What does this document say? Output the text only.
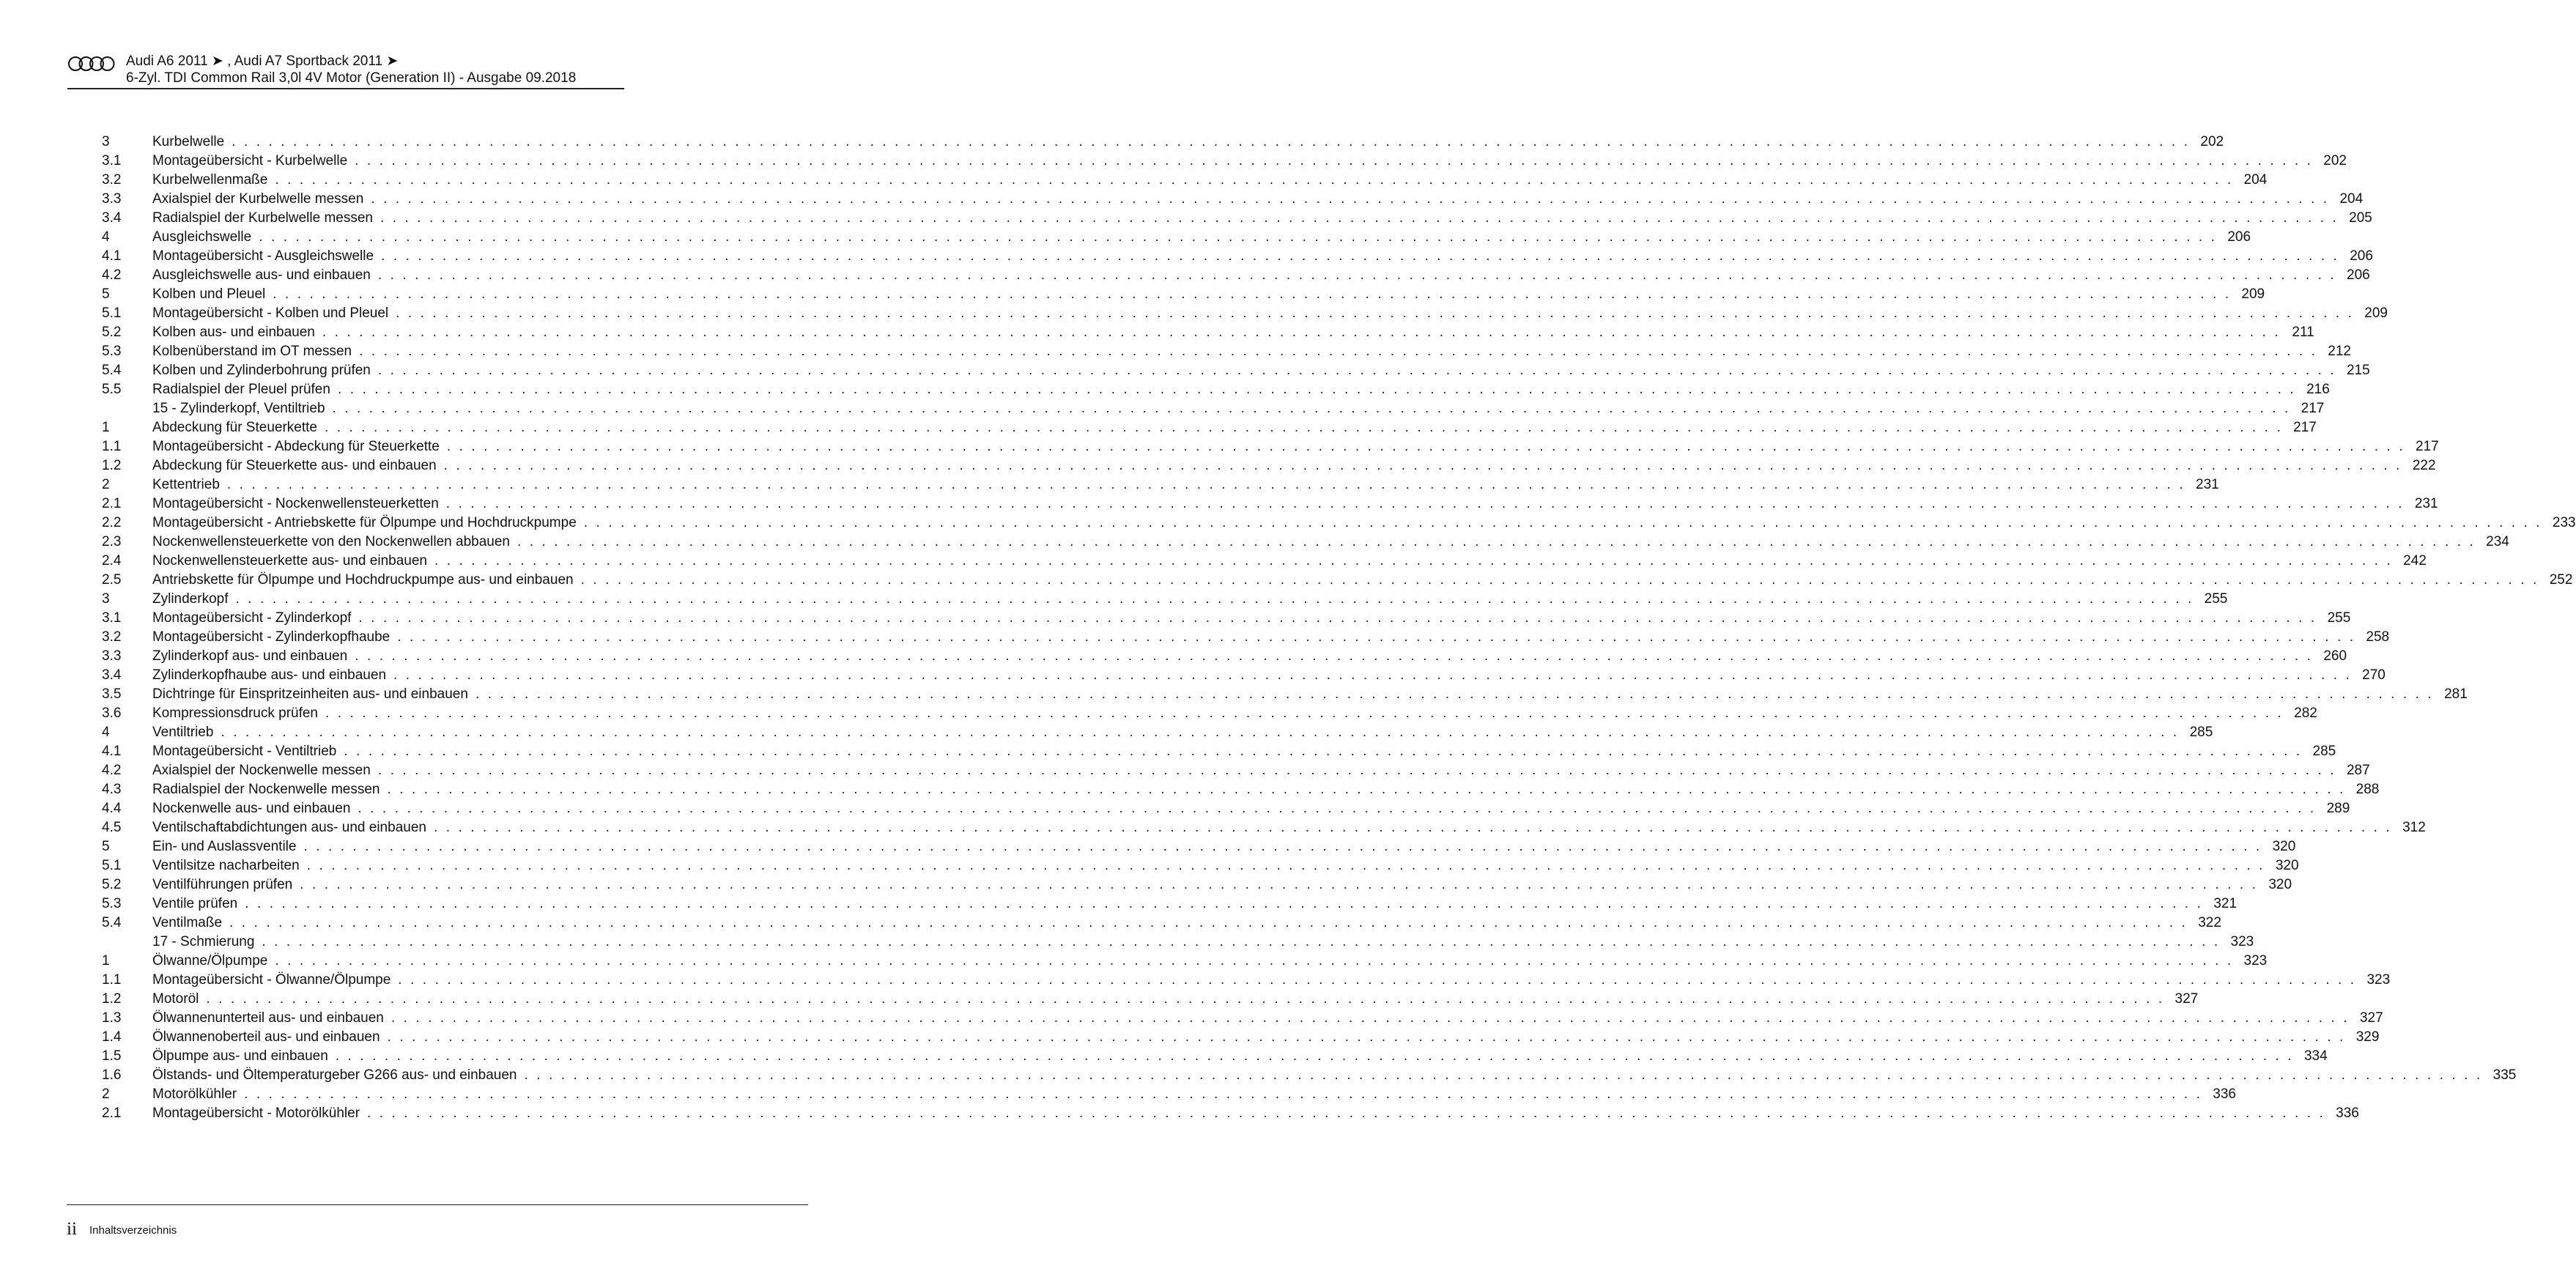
Audi A6 2011 ➤ , Audi A7 Sportback 2011 ➤
6-Zyl. TDI Common Rail 3,0l 4V Motor (Generation II) - Ausgabe 09.2018
3	Kurbelwelle . . . . . . . . . . . . . . . . . . . . . . . . . . . . . . . . . . . . . . . . . . . . . . . . . . . . . . . . . . . . . . . . . . . . . . . . . . . . . . . . . . . . . . . . . . . . . . . . . . . . . . . . . . . . . . . . . . . . . . . . . . . . . . . . . . . . . . . . . . . . . . . . . . . . . . . . . . . . . . . . 202
3.1 Montageübersicht - Kurbelwelle . . . . . . . . . . . . . . . . . . . . . . . . . . . . . . . . . . . . . . . . . . . . . . . . . . . . . . . . . . . . . . . . . . . . . . . . . . . . . . . . . . . . . . . . . . . . . . . . . . . . . . . . . . . . . . . . . . . . . . . . . . . . . . . . . . . . . . . . . . . . . . . . . . . . . . . . . . . . . . . . 202
3.2 Kurbelwellenmaße . . . . . . . . . . . . . . . . . . . . . . . . . . . . . . . . . . . . . . . . . . . . . . . . . . . . . . . . . . . . . . . . . . . . . . . . . . . . . . . . . . . . . . . . . . . . . . . . . . . . . . . . . . . . . . . . . . . . . . . . . . . . . . . . . . . . . . . . . . . . . . . . . . . . . . . . . . . . . . . . 204
3.3 Axialspiel der Kurbelwelle messen . . . . . . . . . . . . . . . . . . . . . . . . . . . . . . . . . . . . . . . . . . . . . . . . . . . . . . . . . . . . . . . . . . . . . . . . . . . . . . . . . . . . . . . . . . . . . . . . . . . . . . . . . . . . . . . . . . . . . . . . . . . . . . . . . . . . . . . . . . . . . . . . . . . . . . . . . . . . . . . . 204
3.4 Radialspiel der Kurbelwelle messen . . . . . . . . . . . . . . . . . . . . . . . . . . . . . . . . . . . . . . . . . . . . . . . . . . . . . . . . . . . . . . . . . . . . . . . . . . . . . . . . . . . . . . . . . . . . . . . . . . . . . . . . . . . . . . . . . . . . . . . . . . . . . . . . . . . . . . . . . . . . . . . . . . . . . . . . . . . . . . . . 205
4	Ausgleichswelle . . . . . . . . . . . . . . . . . . . . . . . . . . . . . . . . . . . . . . . . . . . . . . . . . . . . . . . . . . . . . . . . . . . . . . . . . . . . . . . . . . . . . . . . . . . . . . . . . . . . . . . . . . . . . . . . . . . . . . . . . . . . . . . . . . . . . . . . . . . . . . . . . . . . . . . . . . . . . . . . 206
4.1 Montageübersicht - Ausgleichswelle . . . . . . . . . . . . . . . . . . . . . . . . . . . . . . . . . . . . . . . . . . . . . . . . . . . . . . . . . . . . . . . . . . . . . . . . . . . . . . . . . . . . . . . . . . . . . . . . . . . . . . . . . . . . . . . . . . . . . . . . . . . . . . . . . . . . . . . . . . . . . . . . . . . . . . . . . . . . . . . . 206
4.2 Ausgleichswelle aus- und einbauen . . . . . . . . . . . . . . . . . . . . . . . . . . . . . . . . . . . . . . . . . . . . . . . . . . . . . . . . . . . . . . . . . . . . . . . . . . . . . . . . . . . . . . . . . . . . . . . . . . . . . . . . . . . . . . . . . . . . . . . . . . . . . . . . . . . . . . . . . . . . . . . . . . . . . . . . . . . . . . . . 206
5	Kolben und Pleuel . . . . . . . . . . . . . . . . . . . . . . . . . . . . . . . . . . . . . . . . . . . . . . . . . . . . . . . . . . . . . . . . . . . . . . . . . . . . . . . . . . . . . . . . . . . . . . . . . . . . . . . . . . . . . . . . . . . . . . . . . . . . . . . . . . . . . . . . . . . . . . . . . . . . . . . . . . . . . . . . 209
5.1 Montageübersicht - Kolben und Pleuel . . . . . . . . . . . . . . . . . . . . . . . . . . . . . . . . . . . . . . . . . . . . . . . . . . . . . . . . . . . . . . . . . . . . . . . . . . . . . . . . . . . . . . . . . . . . . . . . . . . . . . . . . . . . . . . . . . . . . . . . . . . . . . . . . . . . . . . . . . . . . . . . . . . . . . . . . . . . . . . . 209
5.2 Kolben aus- und einbauen . . . . . . . . . . . . . . . . . . . . . . . . . . . . . . . . . . . . . . . . . . . . . . . . . . . . . . . . . . . . . . . . . . . . . . . . . . . . . . . . . . . . . . . . . . . . . . . . . . . . . . . . . . . . . . . . . . . . . . . . . . . . . . . . . . . . . . . . . . . . . . . . . . . . . . . . . . . . . . . . 211
5.3 Kolbenüberstand im OT messen . . . . . . . . . . . . . . . . . . . . . . . . . . . . . . . . . . . . . . . . . . . . . . . . . . . . . . . . . . . . . . . . . . . . . . . . . . . . . . . . . . . . . . . . . . . . . . . . . . . . . . . . . . . . . . . . . . . . . . . . . . . . . . . . . . . . . . . . . . . . . . . . . . . . . . . . . . . . . . . . 212
5.4 Kolben und Zylinderbohrung prüfen . . . . . . . . . . . . . . . . . . . . . . . . . . . . . . . . . . . . . . . . . . . . . . . . . . . . . . . . . . . . . . . . . . . . . . . . . . . . . . . . . . . . . . . . . . . . . . . . . . . . . . . . . . . . . . . . . . . . . . . . . . . . . . . . . . . . . . . . . . . . . . . . . . . . . . . . . . . . . . . . 215
5.5 Radialspiel der Pleuel prüfen . . . . . . . . . . . . . . . . . . . . . . . . . . . . . . . . . . . . . . . . . . . . . . . . . . . . . . . . . . . . . . . . . . . . . . . . . . . . . . . . . . . . . . . . . . . . . . . . . . . . . . . . . . . . . . . . . . . . . . . . . . . . . . . . . . . . . . . . . . . . . . . . . . . . . . . . . . . . . . . . 216
15 - Zylinderkopf, Ventiltrieb . . . . . . . . . . . . . . . . . . . . . . . . . . . . . . . . . . . . . . . . . . . . . . . . . . . . . . . . . . . . . . . . . . . . . . . . . . . . . . . . . . . . . . . . . . . . . . . . . . . . . . . . . . . . . . . . . . . . . . . . . . . . . . . . . . . . . . . . . . . . . . . . . . . . . . . . . . . . . . . . 217
1	Abdeckung für Steuerkette . . . . . . . . . . . . . . . . . . . . . . . . . . . . . . . . . . . . . . . . . . . . . . . . . . . . . . . . . . . . . . . . . . . . . . . . . . . . . . . . . . . . . . . . . . . . . . . . . . . . . . . . . . . . . . . . . . . . . . . . . . . . . . . . . . . . . . . . . . . . . . . . . . . . . . . . . . . . . . . . 217
1.1 Montageübersicht - Abdeckung für Steuerkette . . . . . . . . . . . . . . . . . . . . . . . . . . . . . . . . . . . . . . . . . . . . . . . . . . . . . . . . . . . . . . . . . . . . . . . . . . . . . . . . . . . . . . . . . . . . . . . . . . . . . . . . . . . . . . . . . . . . . . . . . . . . . . . . . . . . . . . . . . . . . . . . . . . . . . . . . . . . . . . . 217
1.2 Abdeckung für Steuerkette aus- und einbauen . . . . . . . . . . . . . . . . . . . . . . . . . . . . . . . . . . . . . . . . . . . . . . . . . . . . . . . . . . . . . . . . . . . . . . . . . . . . . . . . . . . . . . . . . . . . . . . . . . . . . . . . . . . . . . . . . . . . . . . . . . . . . . . . . . . . . . . . . . . . . . . . . . . . . . . . . . . . . . . . 222
2	Kettentrieb . . . . . . . . . . . . . . . . . . . . . . . . . . . . . . . . . . . . . . . . . . . . . . . . . . . . . . . . . . . . . . . . . . . . . . . . . . . . . . . . . . . . . . . . . . . . . . . . . . . . . . . . . . . . . . . . . . . . . . . . . . . . . . . . . . . . . . . . . . . . . . . . . . . . . . . . . . . . . . . . 231
2.1 Montageübersicht - Nockenwellensteuerketten . . . . . . . . . . . . . . . . . . . . . . . . . . . . . . . . . . . . . . . . . . . . . . . . . . . . . . . . . . . . . . . . . . . . . . . . . . . . . . . . . . . . . . . . . . . . . . . . . . . . . . . . . . . . . . . . . . . . . . . . . . . . . . . . . . . . . . . . . . . . . . . . . . . . . . . . . . . . . . . . 231
2.2 Montageübersicht - Antriebskette für Ölpumpe und Hochdruckpumpe . . . . . . . . . . . . . . . . . . . . . . . . . . . . . . . . . . . . . . . . . . . . . . . . . . . . . . . . . . . . . . . . . . . . . . . . . . . . . . . . . . . . . . . . . . . . . . . . . . . . . . . . . . . . . . . . . . . . . . . . . . . . . . . . . . . . . . . . . . . . . . . . . . . . . . . . . . . . . . . . 233
2.3 Nockenwellensteuerkette von den Nockenwellen abbauen . . . . . . . . . . . . . . . . . . . . . . . . . . . . . . . . . . . . . . . . . . . . . . . . . . . . . . . . . . . . . . . . . . . . . . . . . . . . . . . . . . . . . . . . . . . . . . . . . . . . . . . . . . . . . . . . . . . . . . . . . . . . . . . . . . . . . . . . . . . . . . . . . . . . . . . . . . . . . . . . 234
2.4 Nockenwellensteuerkette aus- und einbauen . . . . . . . . . . . . . . . . . . . . . . . . . . . . . . . . . . . . . . . . . . . . . . . . . . . . . . . . . . . . . . . . . . . . . . . . . . . . . . . . . . . . . . . . . . . . . . . . . . . . . . . . . . . . . . . . . . . . . . . . . . . . . . . . . . . . . . . . . . . . . . . . . . . . . . . . . . . . . . . . 242
2.5 Antriebskette für Ölpumpe und Hochdruckpumpe aus- und einbauen . . . . . . . . . . . . . . . . . . . . . . . . . . . . . . . . . . . . . . . . . . . . . . . . . . . . . . . . . . . . . . . . . . . . . . . . . . . . . . . . . . . . . . . . . . . . . . . . . . . . . . . . . . . . . . . . . . . . . . . . . . . . . . . . . . . . . . . . . . . . . . . . . . . . . . . . . . . . . . . . 252
3	Zylinderkopf . . . . . . . . . . . . . . . . . . . . . . . . . . . . . . . . . . . . . . . . . . . . . . . . . . . . . . . . . . . . . . . . . . . . . . . . . . . . . . . . . . . . . . . . . . . . . . . . . . . . . . . . . . . . . . . . . . . . . . . . . . . . . . . . . . . . . . . . . . . . . . . . . . . . . . . . . . . . . . . . 255
3.1 Montageübersicht - Zylinderkopf . . . . . . . . . . . . . . . . . . . . . . . . . . . . . . . . . . . . . . . . . . . . . . . . . . . . . . . . . . . . . . . . . . . . . . . . . . . . . . . . . . . . . . . . . . . . . . . . . . . . . . . . . . . . . . . . . . . . . . . . . . . . . . . . . . . . . . . . . . . . . . . . . . . . . . . . . . . . . . . . 255
3.2 Montageübersicht - Zylinderkopfhaube . . . . . . . . . . . . . . . . . . . . . . . . . . . . . . . . . . . . . . . . . . . . . . . . . . . . . . . . . . . . . . . . . . . . . . . . . . . . . . . . . . . . . . . . . . . . . . . . . . . . . . . . . . . . . . . . . . . . . . . . . . . . . . . . . . . . . . . . . . . . . . . . . . . . . . . . . . . . . . . . 258
3.3 Zylinderkopf aus- und einbauen . . . . . . . . . . . . . . . . . . . . . . . . . . . . . . . . . . . . . . . . . . . . . . . . . . . . . . . . . . . . . . . . . . . . . . . . . . . . . . . . . . . . . . . . . . . . . . . . . . . . . . . . . . . . . . . . . . . . . . . . . . . . . . . . . . . . . . . . . . . . . . . . . . . . . . . . . . . . . . . . 260
3.4 Zylinderkopfhaube aus- und einbauen . . . . . . . . . . . . . . . . . . . . . . . . . . . . . . . . . . . . . . . . . . . . . . . . . . . . . . . . . . . . . . . . . . . . . . . . . . . . . . . . . . . . . . . . . . . . . . . . . . . . . . . . . . . . . . . . . . . . . . . . . . . . . . . . . . . . . . . . . . . . . . . . . . . . . . . . . . . . . . . . 270
3.5 Dichtringe für Einspritzeinheiten aus- und einbauen . . . . . . . . . . . . . . . . . . . . . . . . . . . . . . . . . . . . . . . . . . . . . . . . . . . . . . . . . . . . . . . . . . . . . . . . . . . . . . . . . . . . . . . . . . . . . . . . . . . . . . . . . . . . . . . . . . . . . . . . . . . . . . . . . . . . . . . . . . . . . . . . . . . . . . . . . . . . . . . . 281
3.6 Kompressionsdruck prüfen . . . . . . . . . . . . . . . . . . . . . . . . . . . . . . . . . . . . . . . . . . . . . . . . . . . . . . . . . . . . . . . . . . . . . . . . . . . . . . . . . . . . . . . . . . . . . . . . . . . . . . . . . . . . . . . . . . . . . . . . . . . . . . . . . . . . . . . . . . . . . . . . . . . . . . . . . . . . . . . . 282
4	Ventiltrieb . . . . . . . . . . . . . . . . . . . . . . . . . . . . . . . . . . . . . . . . . . . . . . . . . . . . . . . . . . . . . . . . . . . . . . . . . . . . . . . . . . . . . . . . . . . . . . . . . . . . . . . . . . . . . . . . . . . . . . . . . . . . . . . . . . . . . . . . . . . . . . . . . . . . . . . . . . . . . . . . 285
4.1 Montageübersicht - Ventiltrieb . . . . . . . . . . . . . . . . . . . . . . . . . . . . . . . . . . . . . . . . . . . . . . . . . . . . . . . . . . . . . . . . . . . . . . . . . . . . . . . . . . . . . . . . . . . . . . . . . . . . . . . . . . . . . . . . . . . . . . . . . . . . . . . . . . . . . . . . . . . . . . . . . . . . . . . . . . . . . . . . 285
4.2 Axialspiel der Nockenwelle messen . . . . . . . . . . . . . . . . . . . . . . . . . . . . . . . . . . . . . . . . . . . . . . . . . . . . . . . . . . . . . . . . . . . . . . . . . . . . . . . . . . . . . . . . . . . . . . . . . . . . . . . . . . . . . . . . . . . . . . . . . . . . . . . . . . . . . . . . . . . . . . . . . . . . . . . . . . . . . . . . 287
4.3 Radialspiel der Nockenwelle messen . . . . . . . . . . . . . . . . . . . . . . . . . . . . . . . . . . . . . . . . . . . . . . . . . . . . . . . . . . . . . . . . . . . . . . . . . . . . . . . . . . . . . . . . . . . . . . . . . . . . . . . . . . . . . . . . . . . . . . . . . . . . . . . . . . . . . . . . . . . . . . . . . . . . . . . . . . . . . . . . 288
4.4 Nockenwelle aus- und einbauen . . . . . . . . . . . . . . . . . . . . . . . . . . . . . . . . . . . . . . . . . . . . . . . . . . . . . . . . . . . . . . . . . . . . . . . . . . . . . . . . . . . . . . . . . . . . . . . . . . . . . . . . . . . . . . . . . . . . . . . . . . . . . . . . . . . . . . . . . . . . . . . . . . . . . . . . . . . . . . . . 289
4.5 Ventilschaftabdichtungen aus- und einbauen . . . . . . . . . . . . . . . . . . . . . . . . . . . . . . . . . . . . . . . . . . . . . . . . . . . . . . . . . . . . . . . . . . . . . . . . . . . . . . . . . . . . . . . . . . . . . . . . . . . . . . . . . . . . . . . . . . . . . . . . . . . . . . . . . . . . . . . . . . . . . . . . . . . . . . . . . . . . . . . . 312
5	Ein- und Auslassventile . . . . . . . . . . . . . . . . . . . . . . . . . . . . . . . . . . . . . . . . . . . . . . . . . . . . . . . . . . . . . . . . . . . . . . . . . . . . . . . . . . . . . . . . . . . . . . . . . . . . . . . . . . . . . . . . . . . . . . . . . . . . . . . . . . . . . . . . . . . . . . . . . . . . . . . . . . . . . . . . 320
5.1 Ventilsitze nacharbeiten . . . . . . . . . . . . . . . . . . . . . . . . . . . . . . . . . . . . . . . . . . . . . . . . . . . . . . . . . . . . . . . . . . . . . . . . . . . . . . . . . . . . . . . . . . . . . . . . . . . . . . . . . . . . . . . . . . . . . . . . . . . . . . . . . . . . . . . . . . . . . . . . . . . . . . . . . . . . . . . . 320
5.2 Ventilführungen prüfen . . . . . . . . . . . . . . . . . . . . . . . . . . . . . . . . . . . . . . . . . . . . . . . . . . . . . . . . . . . . . . . . . . . . . . . . . . . . . . . . . . . . . . . . . . . . . . . . . . . . . . . . . . . . . . . . . . . . . . . . . . . . . . . . . . . . . . . . . . . . . . . . . . . . . . . . . . . . . . . . 320
5.3 Ventile prüfen . . . . . . . . . . . . . . . . . . . . . . . . . . . . . . . . . . . . . . . . . . . . . . . . . . . . . . . . . . . . . . . . . . . . . . . . . . . . . . . . . . . . . . . . . . . . . . . . . . . . . . . . . . . . . . . . . . . . . . . . . . . . . . . . . . . . . . . . . . . . . . . . . . . . . . . . . . . . . . . . 321
5.4 Ventilmaße . . . . . . . . . . . . . . . . . . . . . . . . . . . . . . . . . . . . . . . . . . . . . . . . . . . . . . . . . . . . . . . . . . . . . . . . . . . . . . . . . . . . . . . . . . . . . . . . . . . . . . . . . . . . . . . . . . . . . . . . . . . . . . . . . . . . . . . . . . . . . . . . . . . . . . . . . . . . . . . . 322
17 - Schmierung . . . . . . . . . . . . . . . . . . . . . . . . . . . . . . . . . . . . . . . . . . . . . . . . . . . . . . . . . . . . . . . . . . . . . . . . . . . . . . . . . . . . . . . . . . . . . . . . . . . . . . . . . . . . . . . . . . . . . . . . . . . . . . . . . . . . . . . . . . . . . . . . . . . . . . . . . . . . . . . . 323
1	Ölwanne/Ölpumpe . . . . . . . . . . . . . . . . . . . . . . . . . . . . . . . . . . . . . . . . . . . . . . . . . . . . . . . . . . . . . . . . . . . . . . . . . . . . . . . . . . . . . . . . . . . . . . . . . . . . . . . . . . . . . . . . . . . . . . . . . . . . . . . . . . . . . . . . . . . . . . . . . . . . . . . . . . . . . . . . 323
1.1 Montageübersicht - Ölwanne/Ölpumpe . . . . . . . . . . . . . . . . . . . . . . . . . . . . . . . . . . . . . . . . . . . . . . . . . . . . . . . . . . . . . . . . . . . . . . . . . . . . . . . . . . . . . . . . . . . . . . . . . . . . . . . . . . . . . . . . . . . . . . . . . . . . . . . . . . . . . . . . . . . . . . . . . . . . . . . . . . . . . . . . 323
1.2 Motoröl . . . . . . . . . . . . . . . . . . . . . . . . . . . . . . . . . . . . . . . . . . . . . . . . . . . . . . . . . . . . . . . . . . . . . . . . . . . . . . . . . . . . . . . . . . . . . . . . . . . . . . . . . . . . . . . . . . . . . . . . . . . . . . . . . . . . . . . . . . . . . . . . . . . . . . . . . . . . . . . . 327
1.3 Ölwannenunterteil aus- und einbauen . . . . . . . . . . . . . . . . . . . . . . . . . . . . . . . . . . . . . . . . . . . . . . . . . . . . . . . . . . . . . . . . . . . . . . . . . . . . . . . . . . . . . . . . . . . . . . . . . . . . . . . . . . . . . . . . . . . . . . . . . . . . . . . . . . . . . . . . . . . . . . . . . . . . . . . . . . . . . . . . 327
1.4 Ölwannenoberteil aus- und einbauen . . . . . . . . . . . . . . . . . . . . . . . . . . . . . . . . . . . . . . . . . . . . . . . . . . . . . . . . . . . . . . . . . . . . . . . . . . . . . . . . . . . . . . . . . . . . . . . . . . . . . . . . . . . . . . . . . . . . . . . . . . . . . . . . . . . . . . . . . . . . . . . . . . . . . . . . . . . . . . . . 329
1.5 Ölpumpe aus- und einbauen . . . . . . . . . . . . . . . . . . . . . . . . . . . . . . . . . . . . . . . . . . . . . . . . . . . . . . . . . . . . . . . . . . . . . . . . . . . . . . . . . . . . . . . . . . . . . . . . . . . . . . . . . . . . . . . . . . . . . . . . . . . . . . . . . . . . . . . . . . . . . . . . . . . . . . . . . . . . . . . . 334
1.6 Ölstands- und Öltemperaturgeber G266 aus- und einbauen . . . . . . . . . . . . . . . . . . . . . . . . . . . . . . . . . . . . . . . . . . . . . . . . . . . . . . . . . . . . . . . . . . . . . . . . . . . . . . . . . . . . . . . . . . . . . . . . . . . . . . . . . . . . . . . . . . . . . . . . . . . . . . . . . . . . . . . . . . . . . . . . . . . . . . . . . . . . . . . . 335
2	Motorölkühler . . . . . . . . . . . . . . . . . . . . . . . . . . . . . . . . . . . . . . . . . . . . . . . . . . . . . . . . . . . . . . . . . . . . . . . . . . . . . . . . . . . . . . . . . . . . . . . . . . . . . . . . . . . . . . . . . . . . . . . . . . . . . . . . . . . . . . . . . . . . . . . . . . . . . . . . . . . . . . . . 336
2.1 Montageübersicht - Motorölkühler . . . . . . . . . . . . . . . . . . . . . . . . . . . . . . . . . . . . . . . . . . . . . . . . . . . . . . . . . . . . . . . . . . . . . . . . . . . . . . . . . . . . . . . . . . . . . . . . . . . . . . . . . . . . . . . . . . . . . . . . . . . . . . . . . . . . . . . . . . . . . . . . . . . . . . . . . . . . . . . . 336
ii Inhaltsverzeichnis
